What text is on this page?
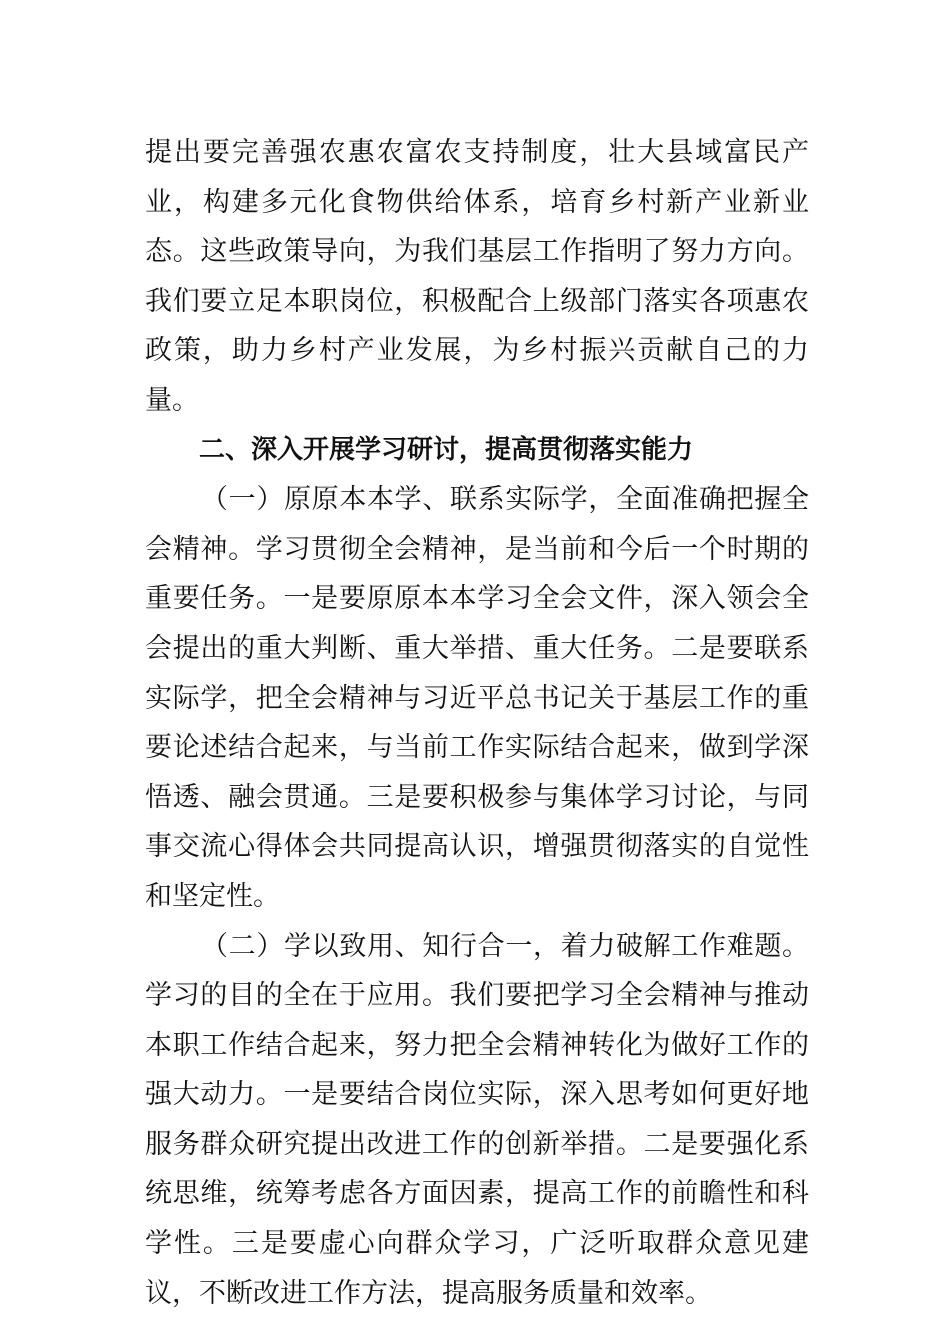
提出要完善强农惠农富农支持制度，壮大县域富民产业，构建多元化食物供给体系，培育乡村新产业新业态。这些政策导向，为我们基层工作指明了努力方向。我们要立足本职岗位，积极配合上级部门落实各项惠农政策，助力乡村产业发展，为乡村振兴贡献自己的力量。

二、深入开展学习研讨，提高贯彻落实能力

（一）原原本本学、联系实际学，全面准确把握全会精神。学习贯彻全会精神，是当前和今后一个时期的重要任务。一是要原原本本学习全会文件，深入领会全会提出的重大判断、重大举措、重大任务。二是要联系实际学，把全会精神与习近平总书记关于基层工作的重要论述结合起来，与当前工作实际结合起来，做到学深悟透、融会贯通。三是要积极参与集体学习讨论，与同事交流心得体会共同提高认识，增强贯彻落实的自觉性和坚定性。

（二）学以致用、知行合一，着力破解工作难题。学习的目的全在于应用。我们要把学习全会精神与推动本职工作结合起来，努力把全会精神转化为做好工作的强大动力。一是要结合岗位实际，深入思考如何更好地服务群众研究提出改进工作的创新举措。二是要强化系统思维，统筹考虑各方面因素，提高工作的前瞻性和科学性。三是要虚心向群众学习，广泛听取群众意见建议，不断改进工作方法，提高服务质量和效率。
